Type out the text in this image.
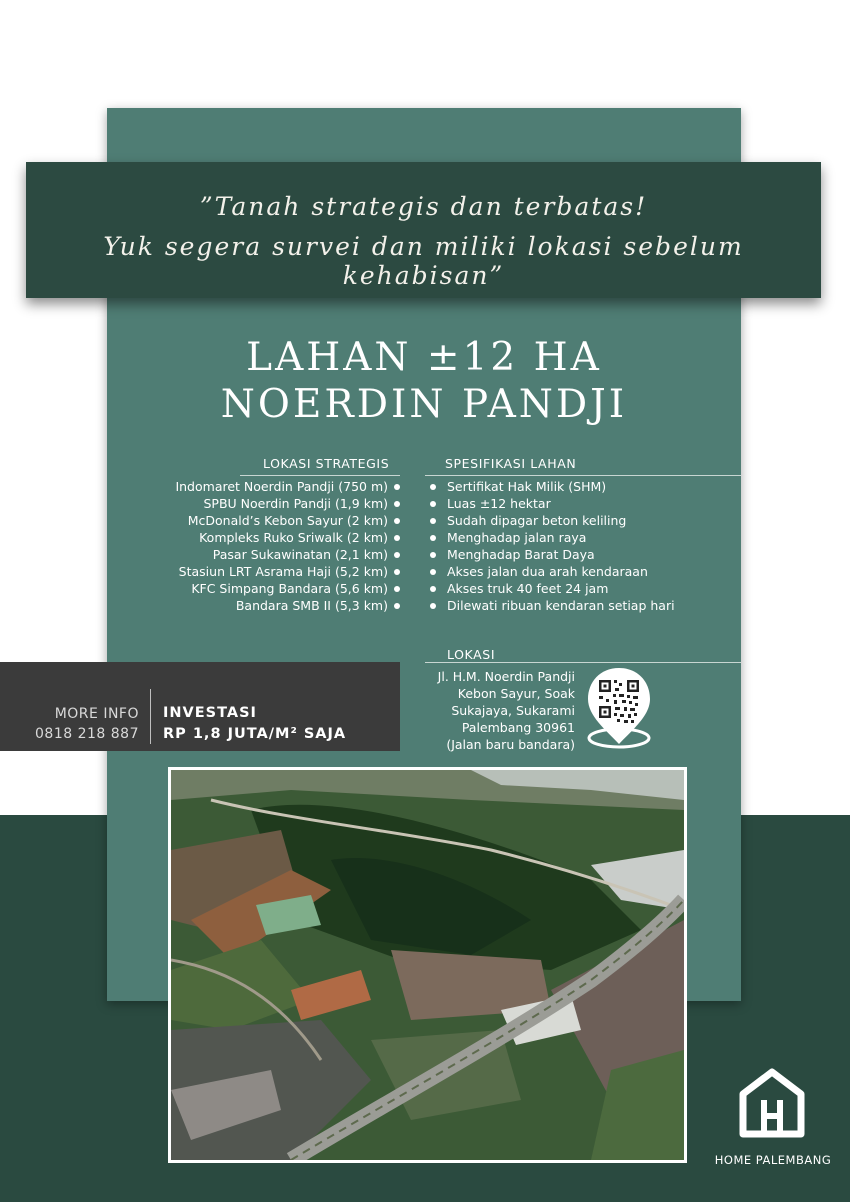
”Tanah strategis dan terbatas!
Yuk segera survei dan miliki lokasi sebelum kehabisan”
LAHAN ±12 HA
NOERDIN PANDJI
LOKASI STRATEGIS	SPESIFIKASI LAHAN
Indomaret Noerdin Pandji (750 m)
SPBU Noerdin Pandji (1,9 km)
McDonald’s Kebon Sayur (2 km)
Kompleks Ruko Sriwalk (2 km)
Pasar Sukawinatan (2,1 km)
Stasiun LRT Asrama Haji (5,2 km)
KFC Simpang Bandara (5,6 km)
Bandara SMB II (5,3 km)
Sertifikat Hak Milik (SHM)
Luas ±12 hektar
Sudah dipagar beton keliling
Menghadap jalan raya
Menghadap Barat Daya
Akses jalan dua arah kendaraan
Akses truk 40 feet 24 jam
Dilewati ribuan kendaran setiap hari
LOKASI
Jl. H.M. Noerdin Pandji
Kebon Sayur, Soak
Sukajaya, Sukarami
Palembang 30961
(Jalan baru bandara)
MORE INFO
0818 218 887
INVESTASI
RP 1,8 JUTA/M² SAJA
HOME PALEMBANG
